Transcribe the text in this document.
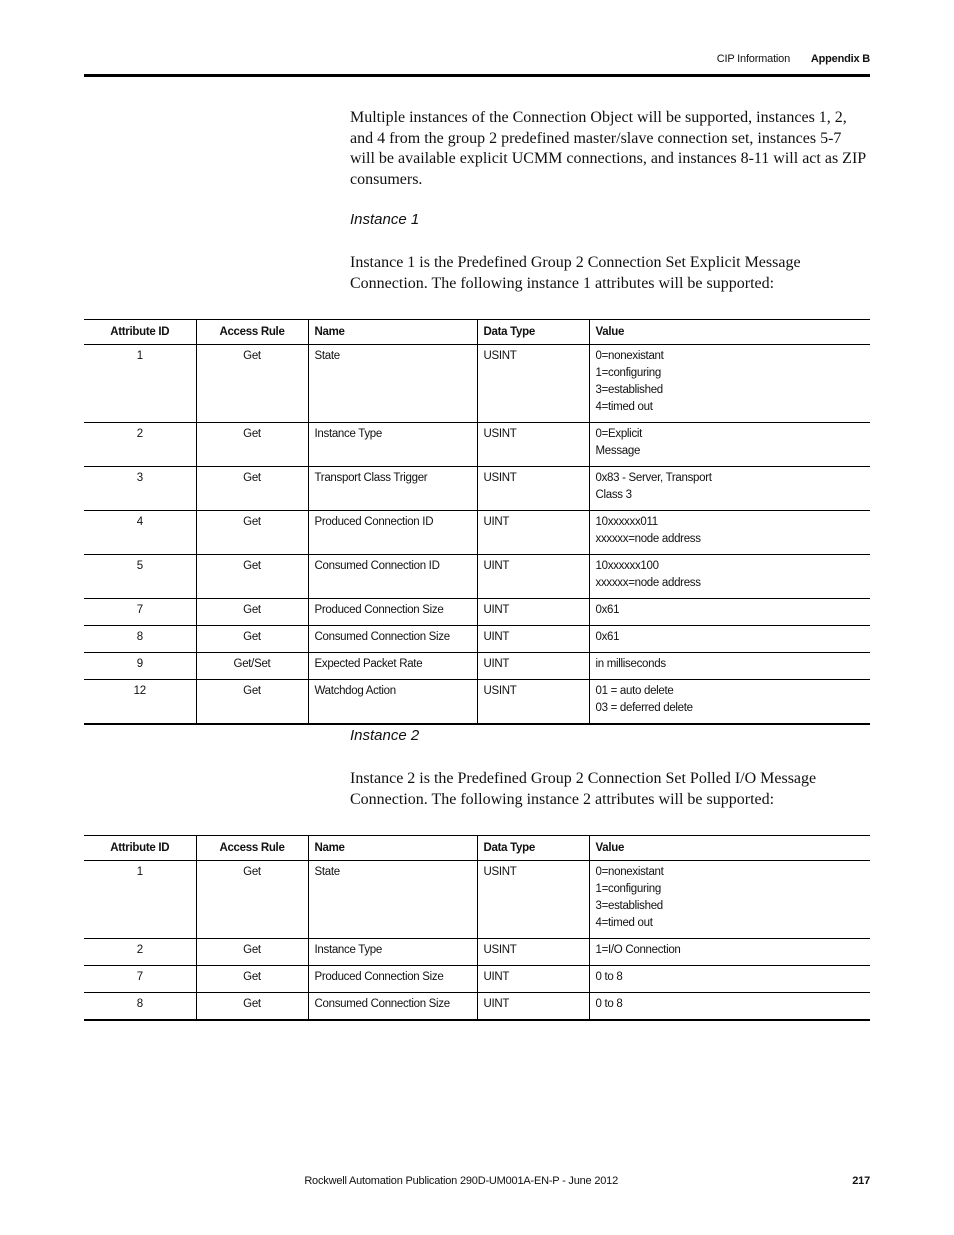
CIP Information Appendix B

Multiple instances of the Connection Object will be supported, instances 1, 2, and 4 from the group 2 predefined master/slave connection set, instances 5-7 will be available explicit UCMM connections, and instances 8-11 will act as ZIP consumers.

Instance 1

Instance 1 is the Predefined Group 2 Connection Set Explicit Message Connection. The following instance 1 attributes will be supported:

Attribute ID	Access Rule	Name	Data Type	Value
1	Get	State	USINT	0=nonexistant
1=configuring
3=established
4=timed out

2	Get	Instance Type	USINT	0=Explicit
Message

3	Get	Transport Class Trigger	USINT	0x83 - Server, Transport
Class 3

4	Get	Produced Connection ID	UINT	10xxxxxx011
xxxxxx=node address

5	Get	Consumed Connection ID	UINT	10xxxxxx100
xxxxxx=node address

7	Get	Produced Connection Size	UINT	0x61

8	Get	Consumed Connection Size	UINT	0x61

9	Get/Set	Expected Packet Rate	UINT	in milliseconds

12	Get	Watchdog Action	USINT	01 = auto delete
03 = deferred delete

Instance 2

Instance 2 is the Predefined Group 2 Connection Set Polled I/O Message Connection. The following instance 2 attributes will be supported:

Attribute ID	Access Rule	Name	Data Type	Value
1	Get	State	USINT	0=nonexistant
1=configuring
3=established
4=timed out

2	Get	Instance Type	USINT	1=I/O Connection

7	Get	Produced Connection Size	UINT	0 to 8

8	Get	Consumed Connection Size	UINT	0 to 8
Rockwell Automation Publication 290D-UM001A-EN-P - June 2012	217
